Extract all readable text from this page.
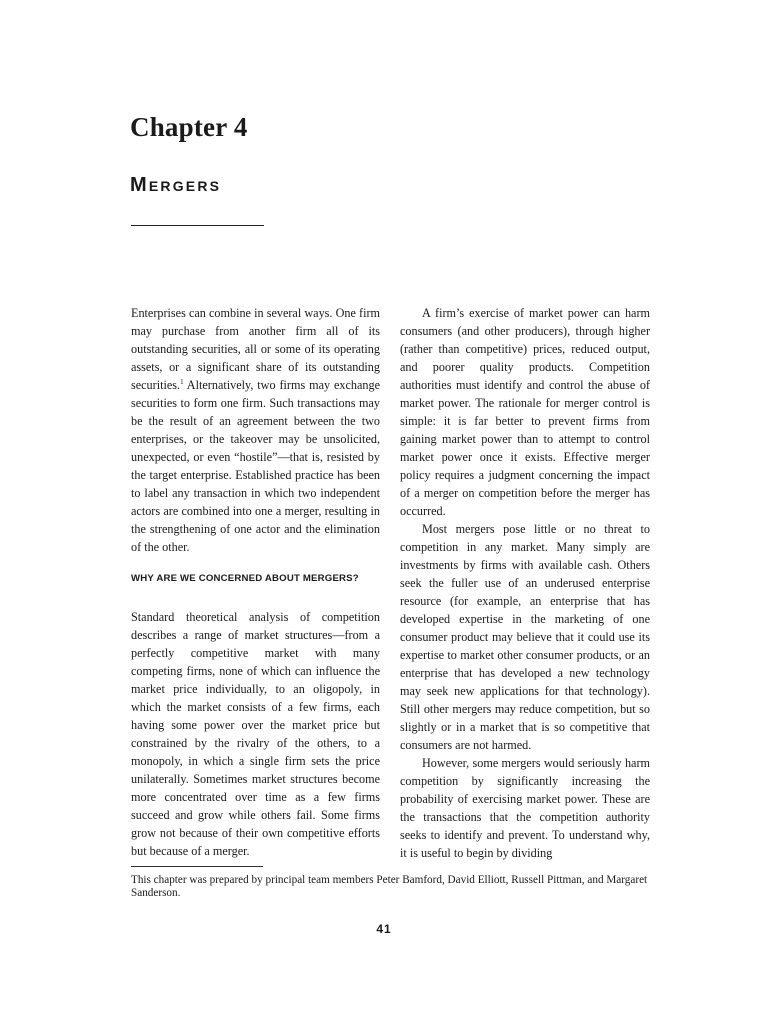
Chapter 4
Mergers

Enterprises can combine in several ways. One firm may purchase from another firm all of its outstanding securities, all or some of its operating assets, or a significant share of its outstanding securities.$^1$ Alternatively, two firms may exchange securities to form one firm. Such transactions may be the result of an agreement between the two enterprises, or the takeover may be unsolicited, unexpected, or even “hostile”—that is, resisted by the target enterprise. Established practice has been to label any transaction in which two independent actors are combined into one a merger, resulting in the strengthening of one actor and the elimination of the other.

WHY ARE WE CONCERNED ABOUT MERGERS?

Standard theoretical analysis of competition describes a range of market structures—from a perfectly competitive market with many competing firms, none of which can influence the market price individually, to an oligopoly, in which the market consists of a few firms, each having some power over the market price but constrained by the rivalry of the others, to a monopoly, in which a single firm sets the price unilaterally. Sometimes market structures become more concentrated over time as a few firms succeed and grow while others fail. Some firms grow not because of their own competitive efforts but because of a merger.

A firm’s exercise of market power can harm consumers (and other producers), through higher (rather than competitive) prices, reduced output, and poorer quality products. Competition authorities must identify and control the abuse of market power. The rationale for merger control is simple: it is far better to prevent firms from gaining market power than to attempt to control market power once it exists. Effective merger policy requires a judgment concerning the impact of a merger on competition before the merger has occurred.

Most mergers pose little or no threat to competition in any market. Many simply are investments by firms with available cash. Others seek the fuller use of an underused enterprise resource (for example, an enterprise that has developed expertise in the marketing of one consumer product may believe that it could use its expertise to market other consumer products, or an enterprise that has developed a new technology may seek new applications for that technology). Still other mergers may reduce competition, but so slightly or in a market that is so competitive that consumers are not harmed.

However, some mergers would seriously harm competition by significantly increasing the probability of exercising market power. These are the transactions that the competition authority seeks to identify and prevent. To understand why, it is useful to begin by dividing

This chapter was prepared by principal team members Peter Bamford, David Elliott, Russell Pittman, and Margaret Sanderson.
41
